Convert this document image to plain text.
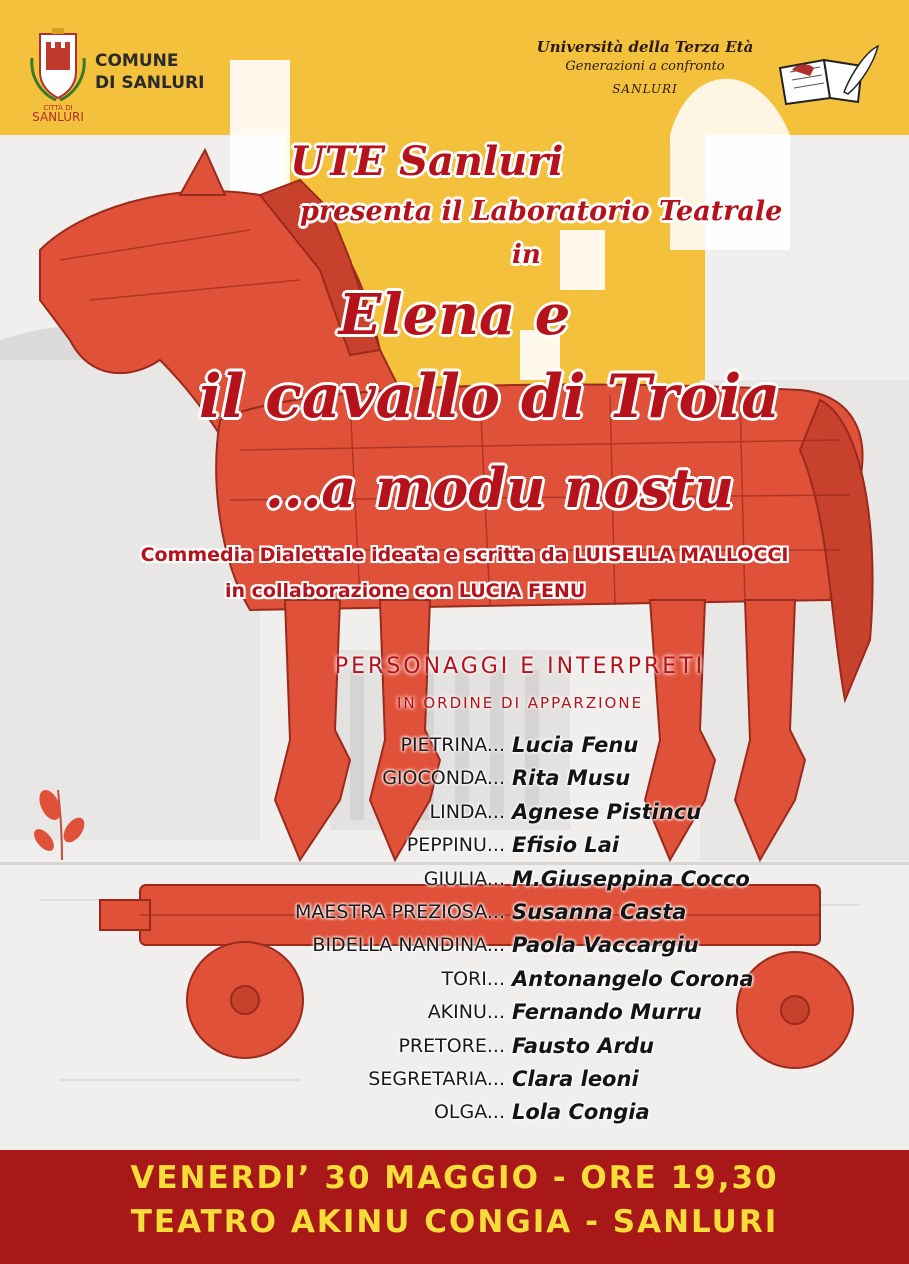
CITTÀ DI
SANLURI
COMUNE
DI SANLURI
Università della Terza Età
Generazioni a confronto
SANLURI
UTE Sanluri
presenta il Laboratorio Teatrale
in
Elena e
il cavallo di Troia
...a modu nostu
Commedia Dialettale ideata e scritta da LUISELLA MALLOCCI
in collaborazione con LUCIA FENU
PERSONAGGI E INTERPRETI
IN ORDINE DI APPARZIONE
PIETRINA... Lucia Fenu
GIOCONDA... Rita Musu
LINDA... Agnese Pistincu
PEPPINU... Efisio Lai
GIULIA... M.Giuseppina Cocco
MAESTRA PREZIOSA... Susanna Casta
BIDELLA NANDINA... Paola Vaccargiu
TORI... Antonangelo Corona
AKINU... Fernando Murru
PRETORE... Fausto Ardu
SEGRETARIA... Clara leoni
OLGA... Lola Congia
VENERDI’ 30 MAGGIO - ORE 19,30
TEATRO AKINU CONGIA - SANLURI
